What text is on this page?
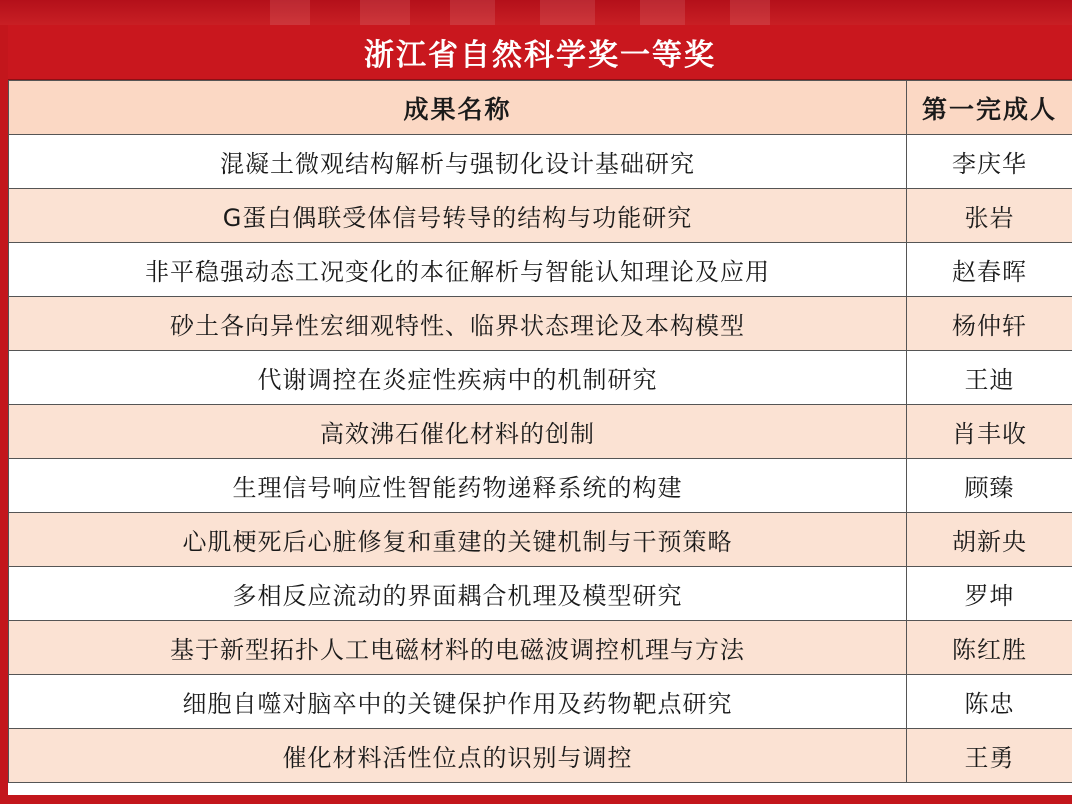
浙江省自然科学奖一等奖
成果名称	第一完成人
混凝土微观结构解析与强韧化设计基础研究	李庆华
G蛋白偶联受体信号转导的结构与功能研究	张岩
非平稳强动态工况变化的本征解析与智能认知理论及应用	赵春晖
砂土各向异性宏细观特性、临界状态理论及本构模型	杨仲轩
代谢调控在炎症性疾病中的机制研究	王迪
高效沸石催化材料的创制	肖丰收
生理信号响应性智能药物递释系统的构建	顾臻
心肌梗死后心脏修复和重建的关键机制与干预策略	胡新央
多相反应流动的界面耦合机理及模型研究	罗坤
基于新型拓扑人工电磁材料的电磁波调控机理与方法	陈红胜
细胞自噬对脑卒中的关键保护作用及药物靶点研究	陈忠
催化材料活性位点的识别与调控	王勇
